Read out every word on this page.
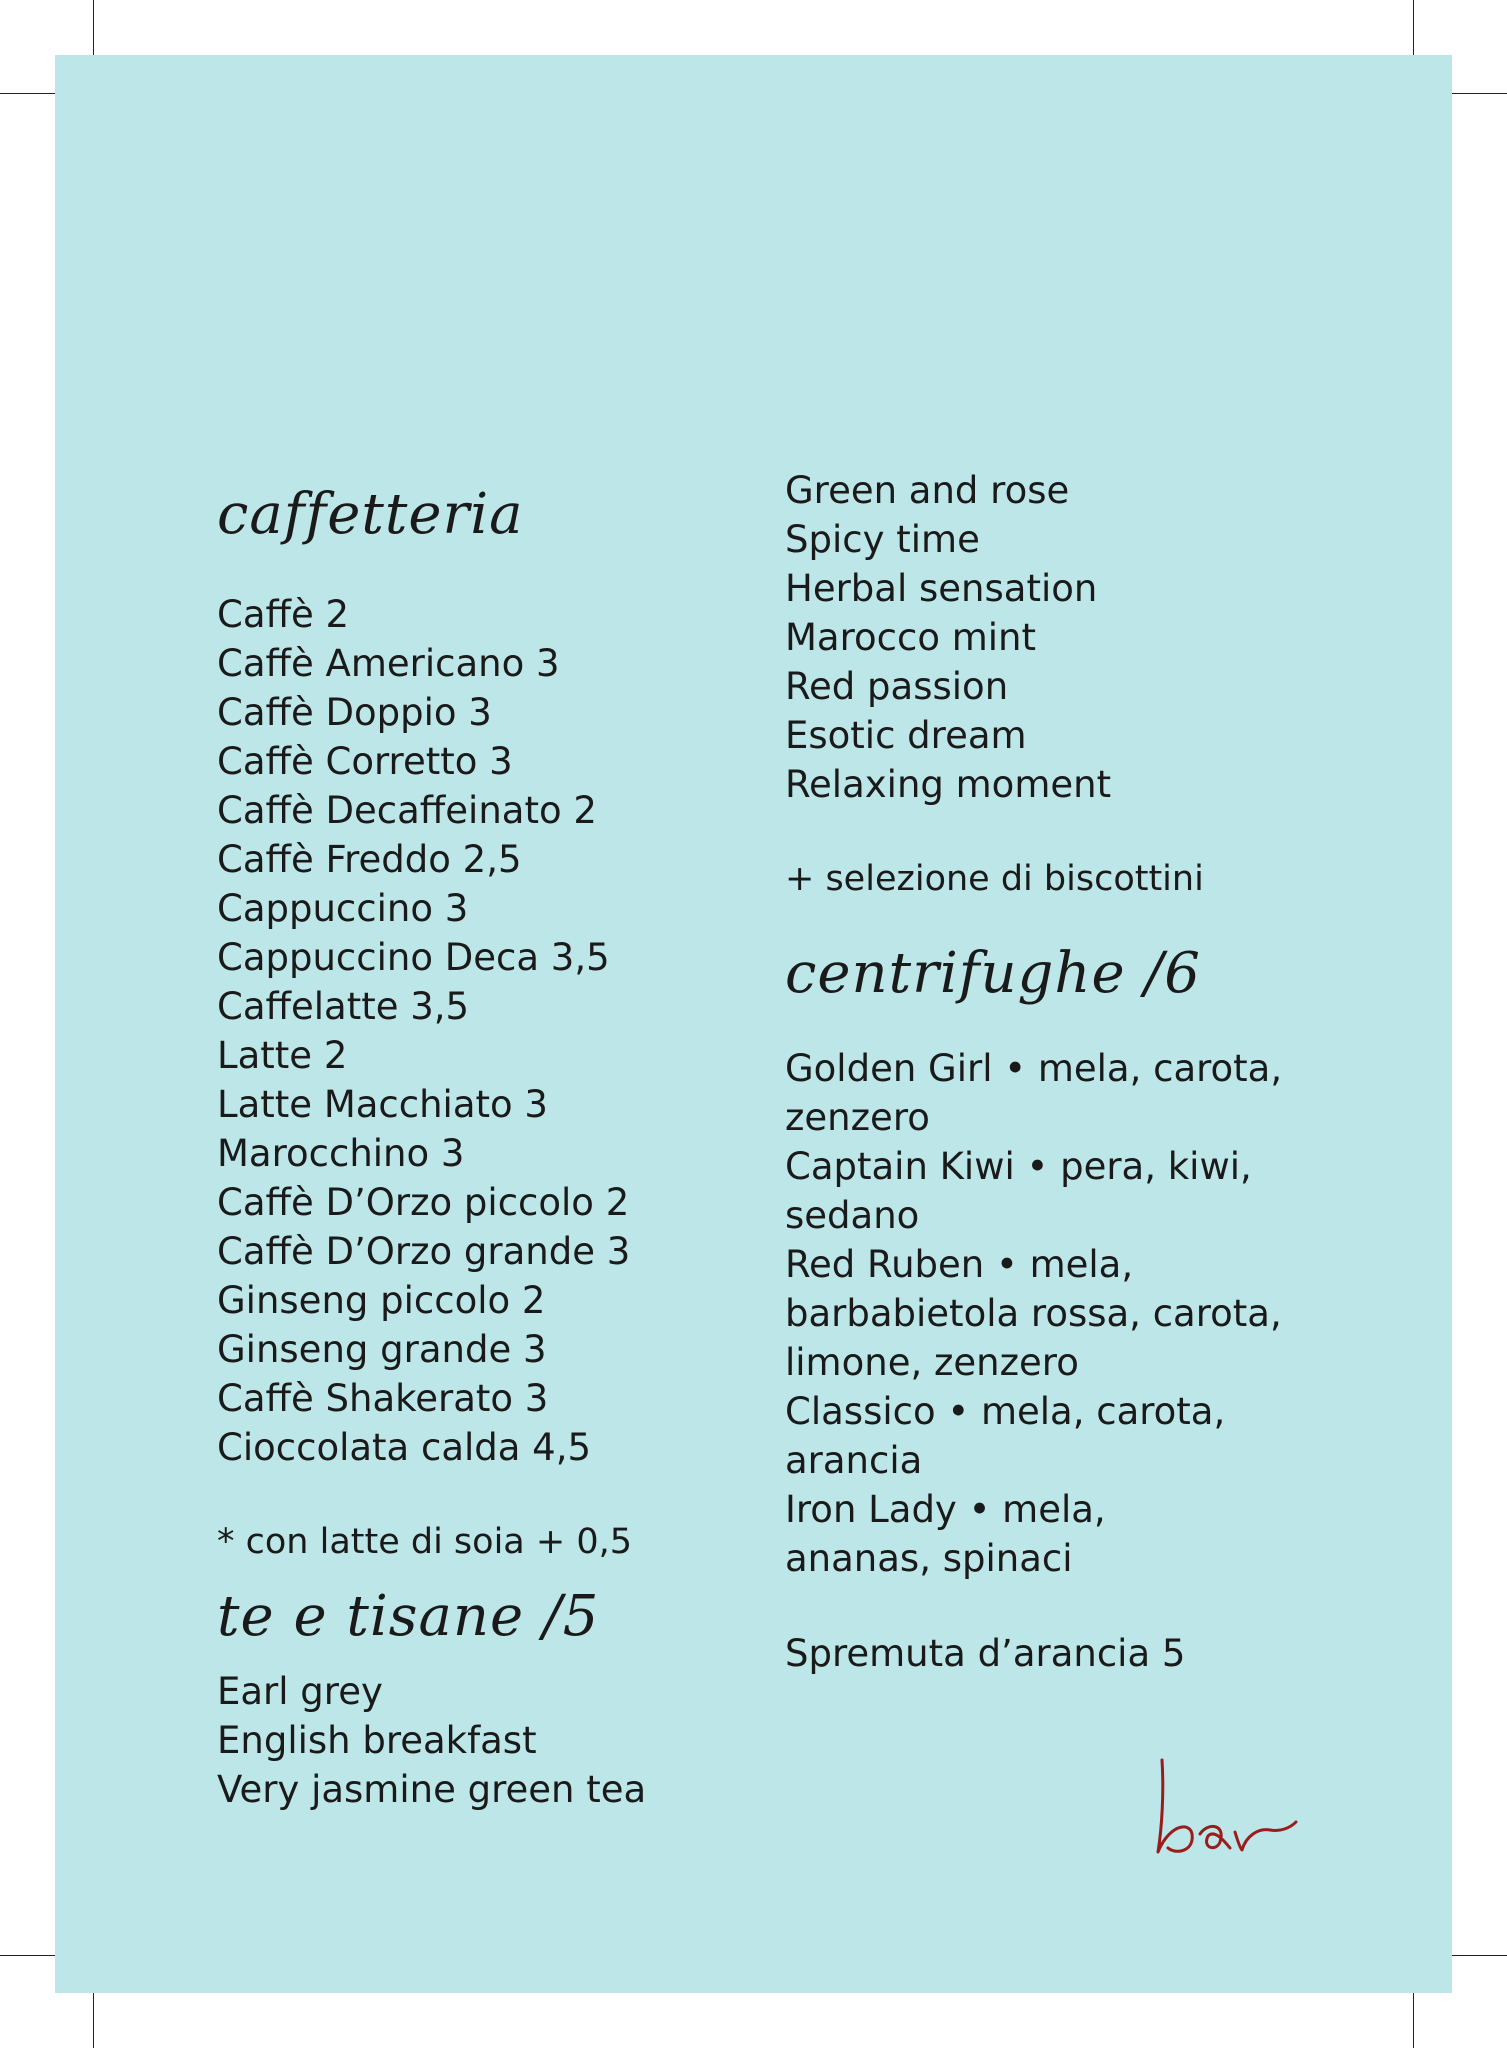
caffetteria
Caffè 2
Caffè Americano 3
Caffè Doppio 3
Caffè Corretto 3
Caffè Decaffeinato 2
Caffè Freddo 2,5
Cappuccino 3
Cappuccino Deca 3,5
Caffelatte 3,5
Latte 2
Latte Macchiato 3
Marocchino 3
Caffè D’Orzo piccolo 2
Caffè D’Orzo grande 3
Ginseng piccolo 2
Ginseng grande 3
Caffè Shakerato 3
Cioccolata calda 4,5
* con latte di soia + 0,5
te e tisane /5
Earl grey
English breakfast
Very jasmine green tea
Green and rose
Spicy time
Herbal sensation
Marocco mint
Red passion
Esotic dream
Relaxing moment
+ selezione di biscottini
centrifughe /6
Golden Girl • mela, carota, zenzero
Captain Kiwi • pera, kiwi, sedano
Red Ruben • mela, barbabietola rossa, carota, limone, zenzero
Classico • mela, carota, arancia
Iron Lady • mela, ananas, spinaci
Spremuta d’arancia 5
